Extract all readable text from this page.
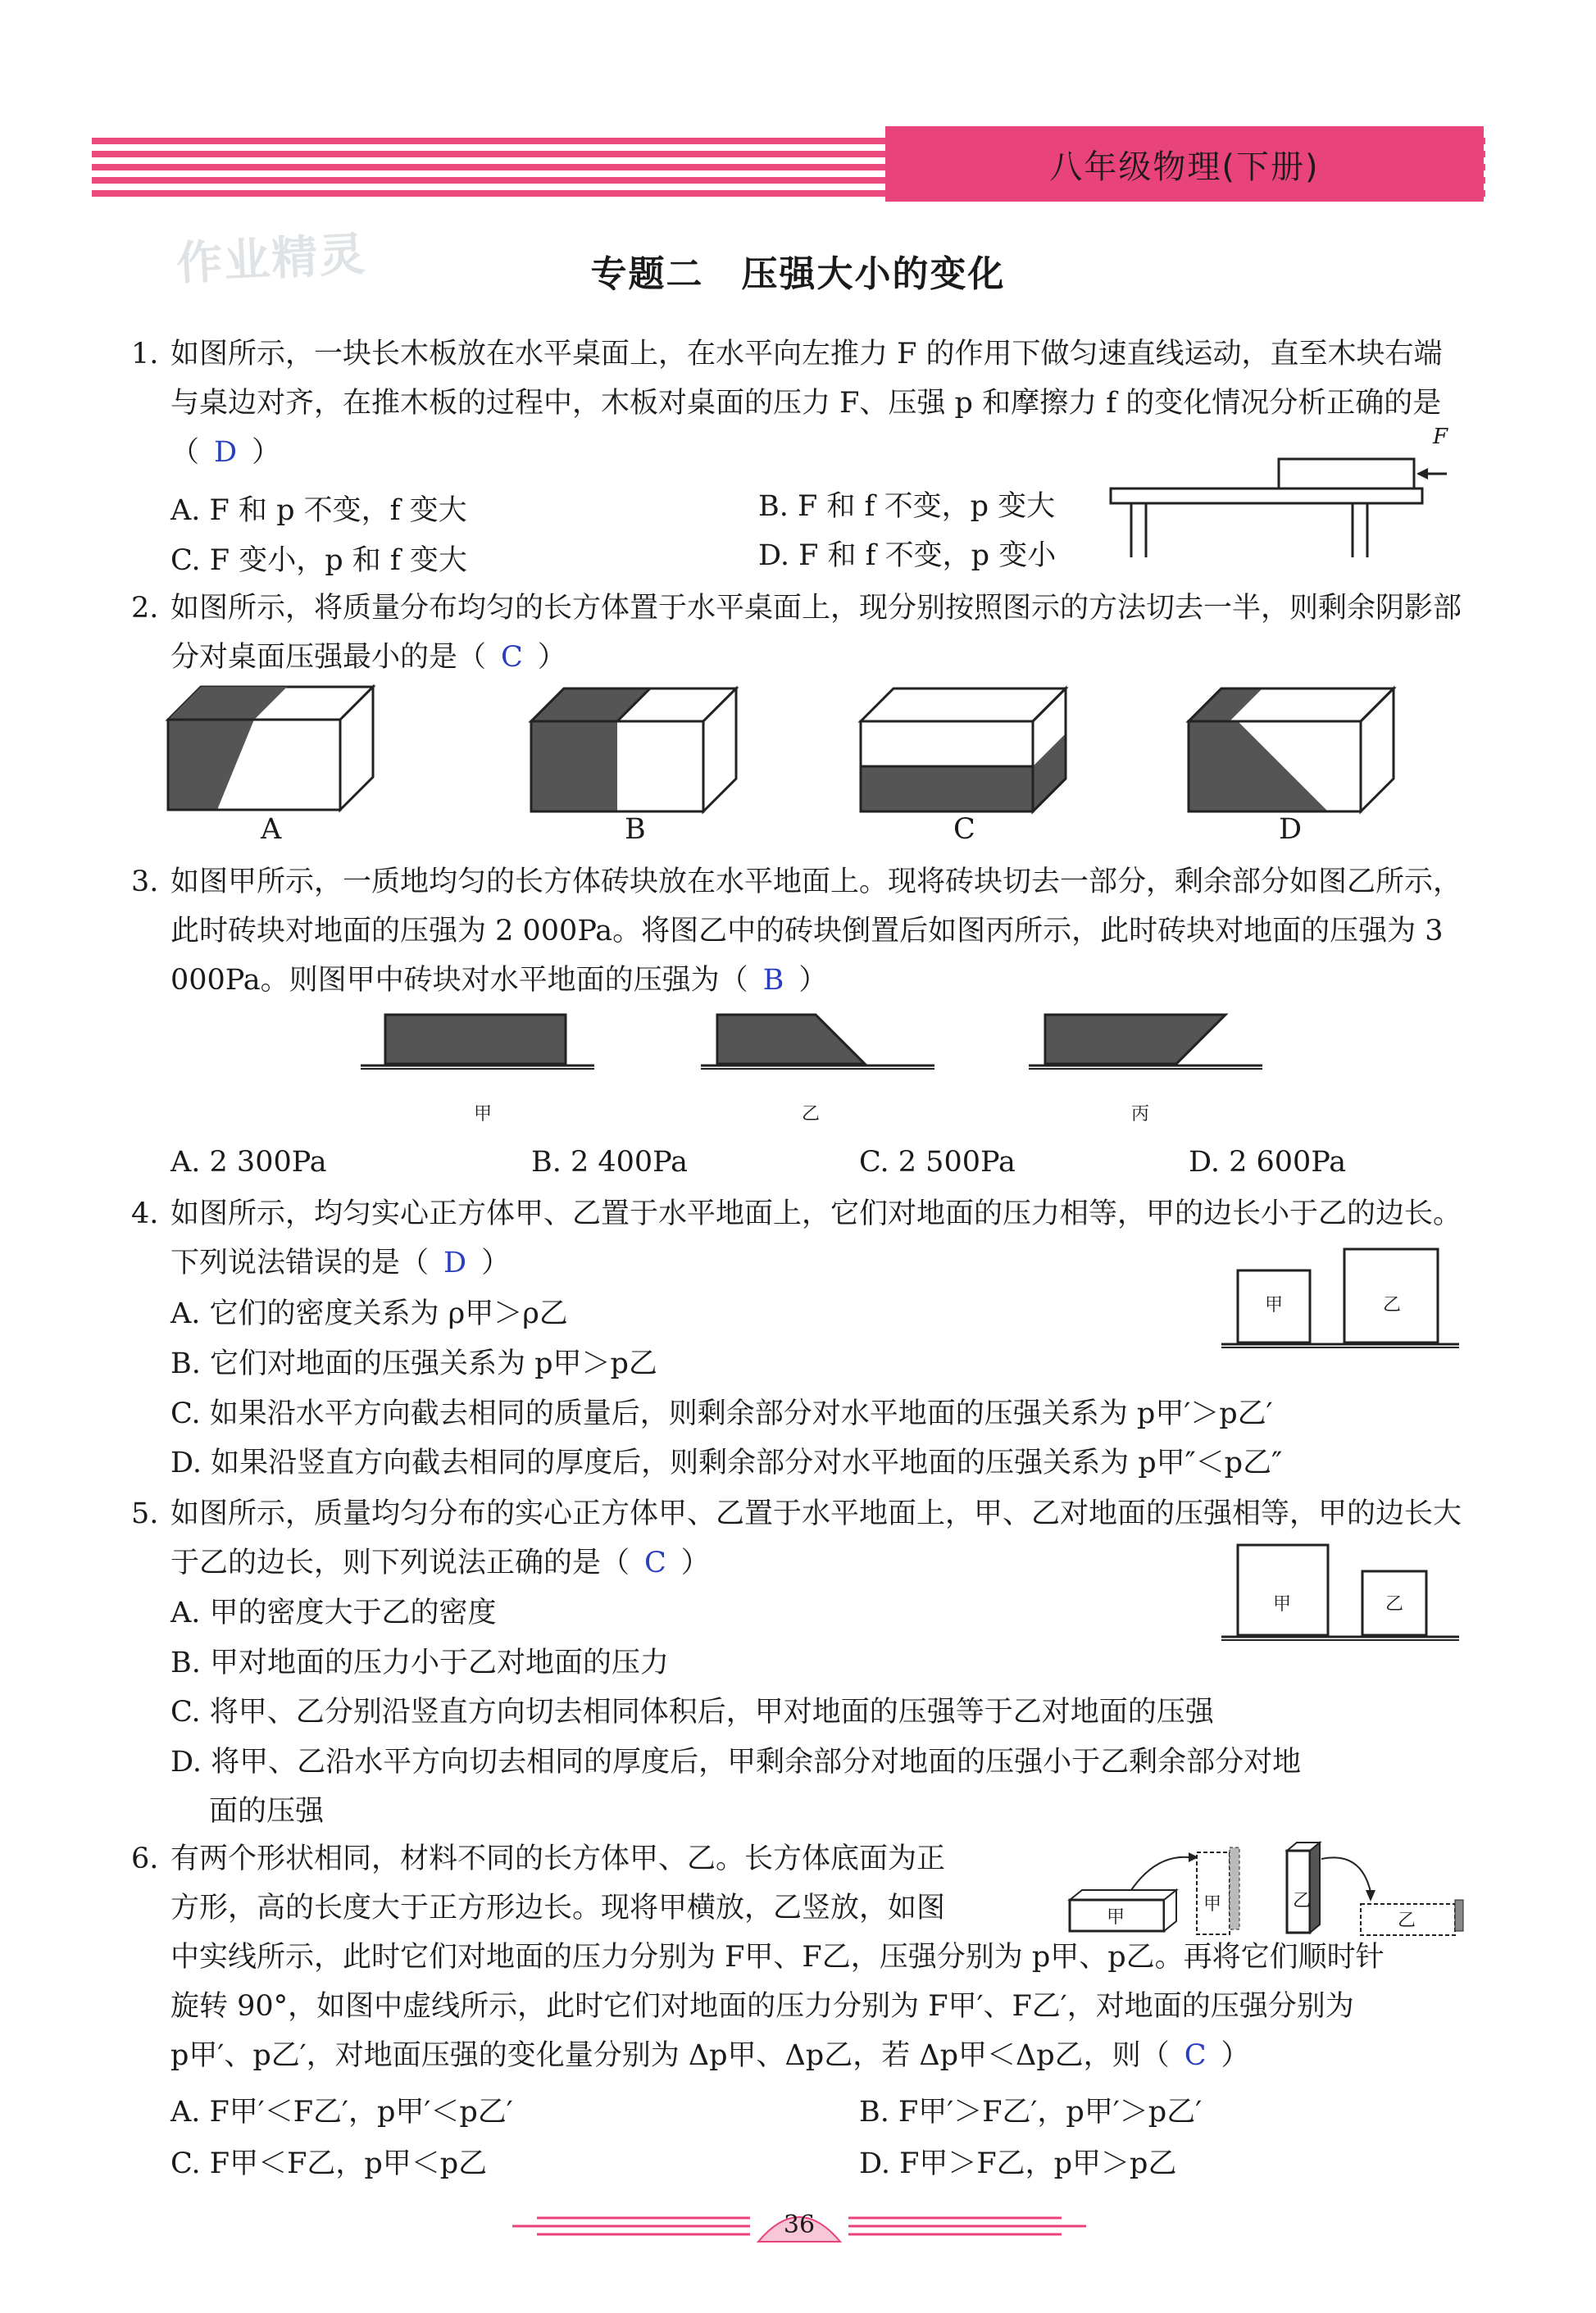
八年级物理(下册)
作业精灵	专题二　压强大小的变化
1. 如图所示，一块长木板放在水平桌面上，在水平向左推力 F 的作用下做匀速直线运动，直至木块右端与桌边对齐，在推木板的过程中，木板对桌面的压力 F、压强 p 和摩擦力 f 的变化情况分析正确的是（ D ）
A. F 和 p 不变，f 变大	B. F 和 f 不变，p 变大
C. F 变小，p 和 f 变大	D. F 和 f 不变，p 变小
F
2. 如图所示，将质量分布均匀的长方体置于水平桌面上，现分别按照图示的方法切去一半，则剩余阴影部分对桌面压强最小的是（ C ）
A	B	C	D
3. 如图甲所示，一质地均匀的长方体砖块放在水平地面上。现将砖块切去一部分，剩余部分如图乙所示，此时砖块对地面的压强为 2 000Pa。将图乙中的砖块倒置后如图丙所示，此时砖块对地面的压强为 3 000Pa。则图甲中砖块对水平地面的压强为（ B ）
甲	乙	丙
A. 2 300Pa	B. 2 400Pa	C. 2 500Pa	D. 2 600Pa
4. 如图所示，均匀实心正方体甲、乙置于水平地面上，它们对地面的压力相等，甲的边长小于乙的边长。下列说法错误的是（ D ）
甲	乙
A. 它们的密度关系为 ρ甲＞ρ乙
B. 它们对地面的压强关系为 p甲＞p乙
C. 如果沿水平方向截去相同的质量后，则剩余部分对水平地面的压强关系为 p甲′＞p乙′
D. 如果沿竖直方向截去相同的厚度后，则剩余部分对水平地面的压强关系为 p甲″＜p乙″
5. 如图所示，质量均匀分布的实心正方体甲、乙置于水平地面上，甲、乙对地面的压强相等，甲的边长大于乙的边长，则下列说法正确的是（ C ）
甲	乙
A. 甲的密度大于乙的密度
B. 甲对地面的压力小于乙对地面的压力
C. 将甲、乙分别沿竖直方向切去相同体积后，甲对地面的压强等于乙对地面的压强
D. 将甲、乙沿水平方向切去相同的厚度后，甲剩余部分对地面的压强小于乙剩余部分对地
面的压强
6. 有两个形状相同，材料不同的长方体甲、乙。长方体底面为正
方形，高的长度大于正方形边长。现将甲横放，乙竖放，如图
中实线所示，此时它们对地面的压力分别为 F甲、F乙，压强分别为 p甲、p乙。再将它们顺时针
旋转 90°，如图中虚线所示，此时它们对地面的压力分别为 F甲′、F乙′，对地面的压强分别为
p甲′、p乙′，对地面压强的变化量分别为 Δp甲、Δp乙，若 Δp甲＜Δp乙，则（ C ）
甲
甲	乙
乙
A. F甲′＜F乙′，p甲′＜p乙′	B. F甲′＞F乙′，p甲′＞p乙′
C. F甲＜F乙，p甲＜p乙	D. F甲＞F乙，p甲＞p乙
36
